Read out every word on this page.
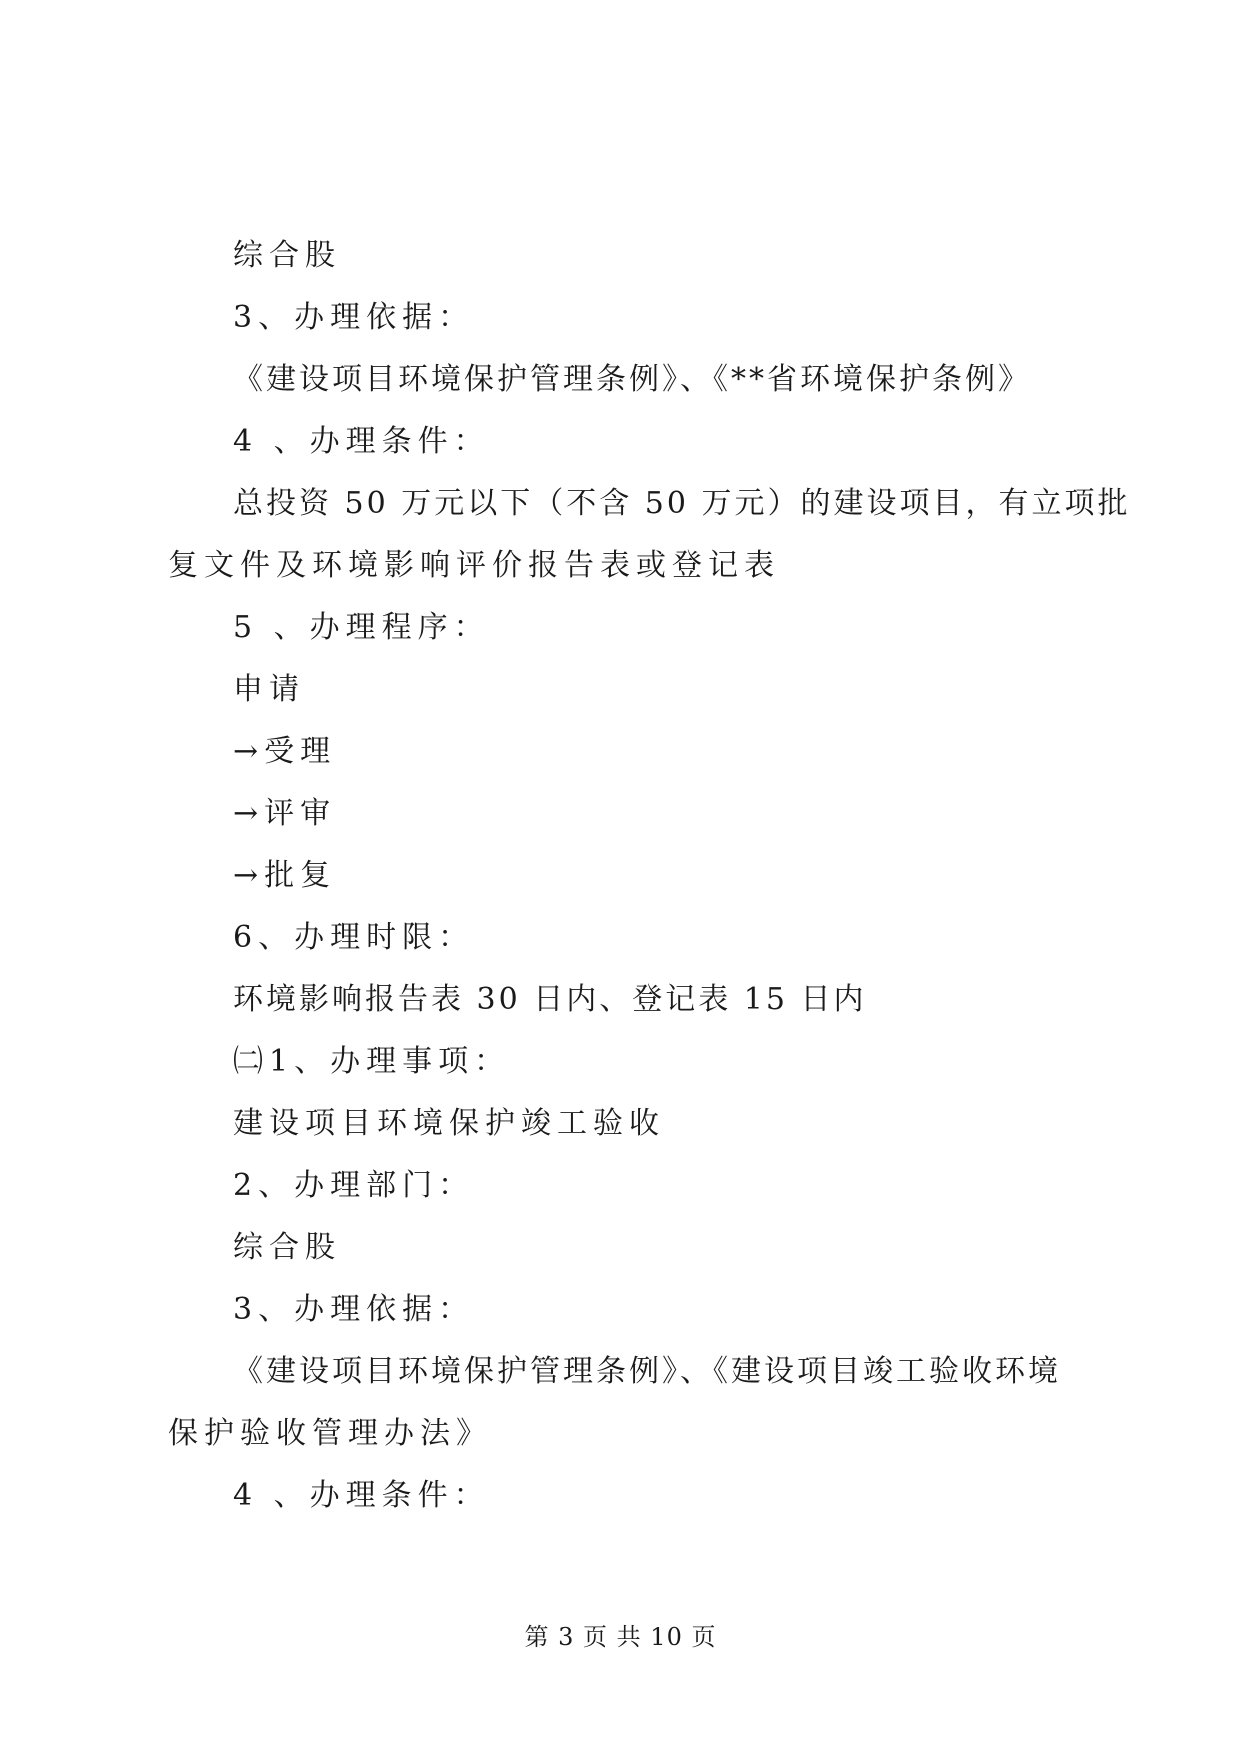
综合股
3、办理依据：
《建设项目环境保护管理条例》、《**省环境保护条例》
4 、办理条件：
总投资 50 万元以下（不含 50 万元）的建设项目，有立项批
复文件及环境影响评价报告表或登记表
5 、办理程序：
申请
→受理
→评审
→批复
6、办理时限：
环境影响报告表 30 日内、登记表 15 日内
㈡1、办理事项：
建设项目环境保护竣工验收
2、办理部门：
综合股
3、办理依据：
《建设项目环境保护管理条例》、《建设项目竣工验收环境
保护验收管理办法》
4 、办理条件：
第 3 页 共 10 页
